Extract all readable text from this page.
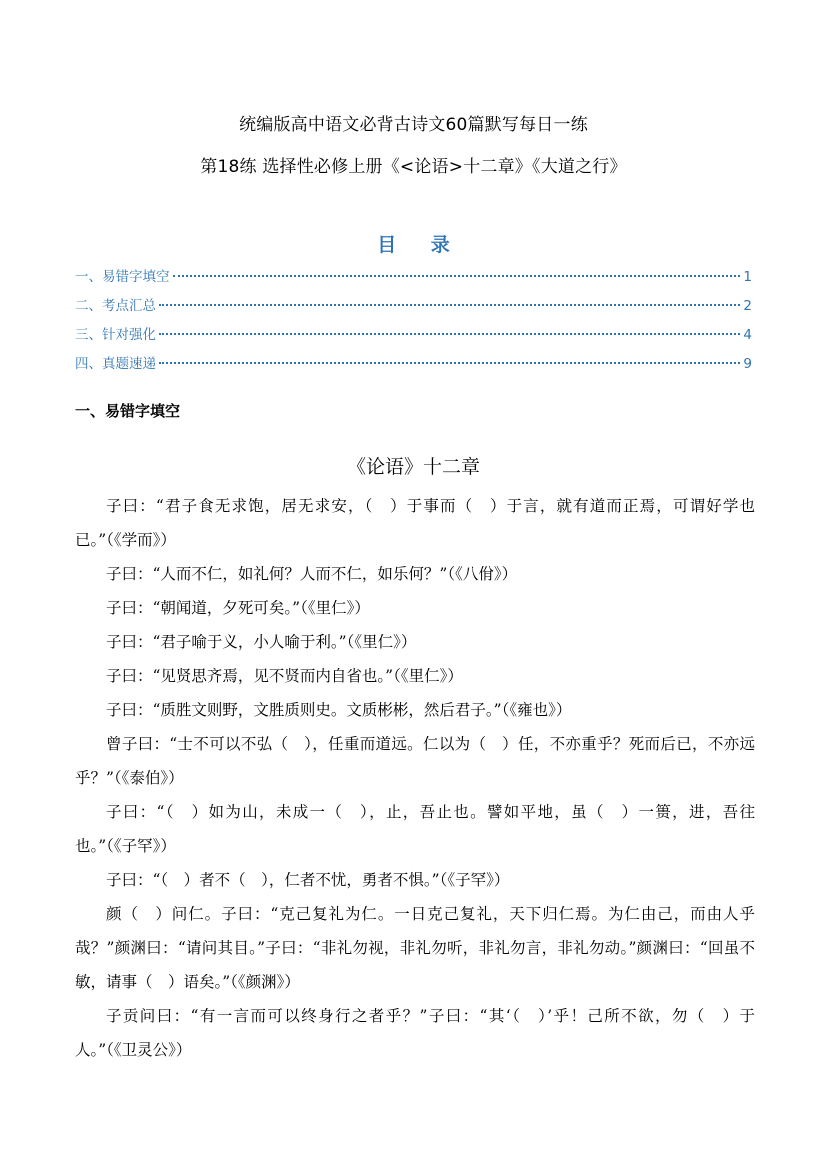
统编版高中语文必背古诗文60篇默写每日一练
第18练 选择性必修上册《<论语>十二章》《大道之行》
目 录
一、易错字填空	1
二、考点汇总	2
三、针对强化	4
四、真题速递	9
一、易错字填空
《论语》十二章

子曰：“君子食无求饱，居无求安，（　）于事而（　）于言，就有道而正焉，可谓好学也已。”（《学而》）

子曰：“人而不仁，如礼何？人而不仁，如乐何？”（《八佾》）

子曰：“朝闻道，夕死可矣。”（《里仁》）

子曰：“君子喻于义，小人喻于利。”（《里仁》）

子曰：“见贤思齐焉，见不贤而内自省也。”（《里仁》）

子曰：“质胜文则野，文胜质则史。文质彬彬，然后君子。”（《雍也》）

曾子曰：“士不可以不弘（　），任重而道远。仁以为（　）任，不亦重乎？死而后已，不亦远乎？”（《泰伯》）

子曰：“（　）如为山，未成一（　），止，吾止也。譬如平地，虽（　）一篑，进，吾往也。”（《子罕》）

子曰：“（　）者不（　），仁者不忧，勇者不惧。”（《子罕》）

颜（　）问仁。子曰：“克己复礼为仁。一日克己复礼，天下归仁焉。为仁由己，而由人乎哉？”颜渊曰：“请问其目。”子曰：“非礼勿视，非礼勿听，非礼勿言，非礼勿动。”颜渊曰：“回虽不敏，请事（　）语矣。”（《颜渊》）

子贡问曰：“有一言而可以终身行之者乎？”子曰：“其‘（　）’乎！己所不欲，勿（　）于人。”（《卫灵公》）
